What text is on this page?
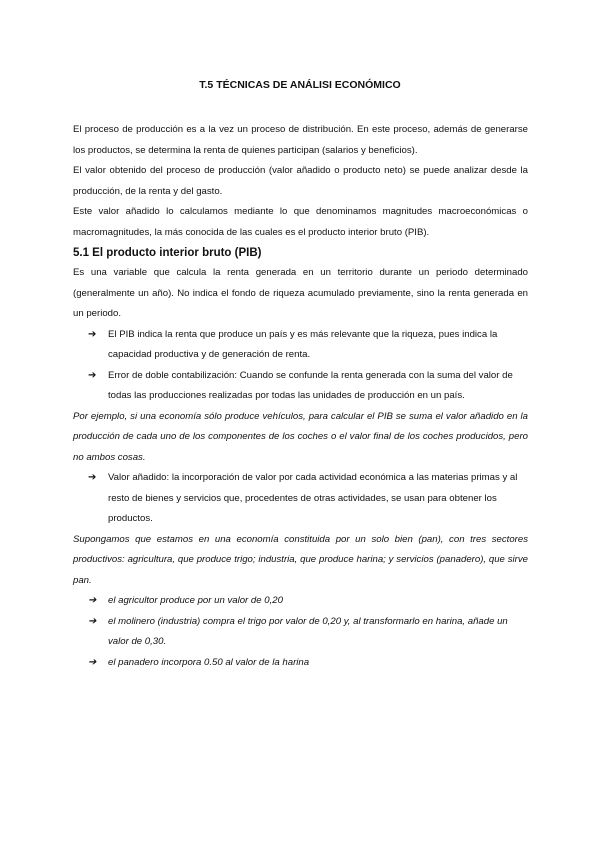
T.5 TÉCNICAS DE ANÁLISI ECONÓMICO

El proceso de producción es a la vez un proceso de distribución. En este proceso, además de generarse los productos, se determina la renta de quienes participan (salarios y beneficios).

El valor obtenido del proceso de producción (valor añadido o producto neto) se puede analizar desde la producción, de la renta y del gasto.

Este valor añadido lo calculamos mediante lo que denominamos magnitudes macroeconómicas o macromagnitudes, la más conocida de las cuales es el producto interior bruto (PIB).

5.1 El producto interior bruto (PIB)

Es una variable que calcula la renta generada en un territorio durante un periodo determinado (generalmente un año). No indica el fondo de riqueza acumulado previamente, sino la renta generada en un periodo.

➔ El PIB indica la renta que produce un país y es más relevante que la riqueza, pues indica la capacidad productiva y de generación de renta.
➔ Error de doble contabilización: Cuando se confunde la renta generada con la suma del valor de todas las producciones realizadas por todas las unidades de producción en un país.

Por ejemplo, si una economía sólo produce vehículos, para calcular el PIB se suma el valor añadido en la producción de cada uno de los componentes de los coches o el valor final de los coches producidos, pero no ambos cosas.

➔ Valor añadido: la incorporación de valor por cada actividad económica a las materias primas y al resto de bienes y servicios que, procedentes de otras actividades, se usan para obtener los productos.

Supongamos que estamos en una economía constituida por un solo bien (pan), con tres sectores productivos: agricultura, que produce trigo; industria, que produce harina; y servicios (panadero), que sirve pan.

➔ el agricultor produce por un valor de 0,20
➔ el molinero (industria) compra el trigo por valor de 0,20 y, al transformarlo en harina, añade un valor de 0,30.
➔ el panadero incorpora 0.50 al valor de la harina
